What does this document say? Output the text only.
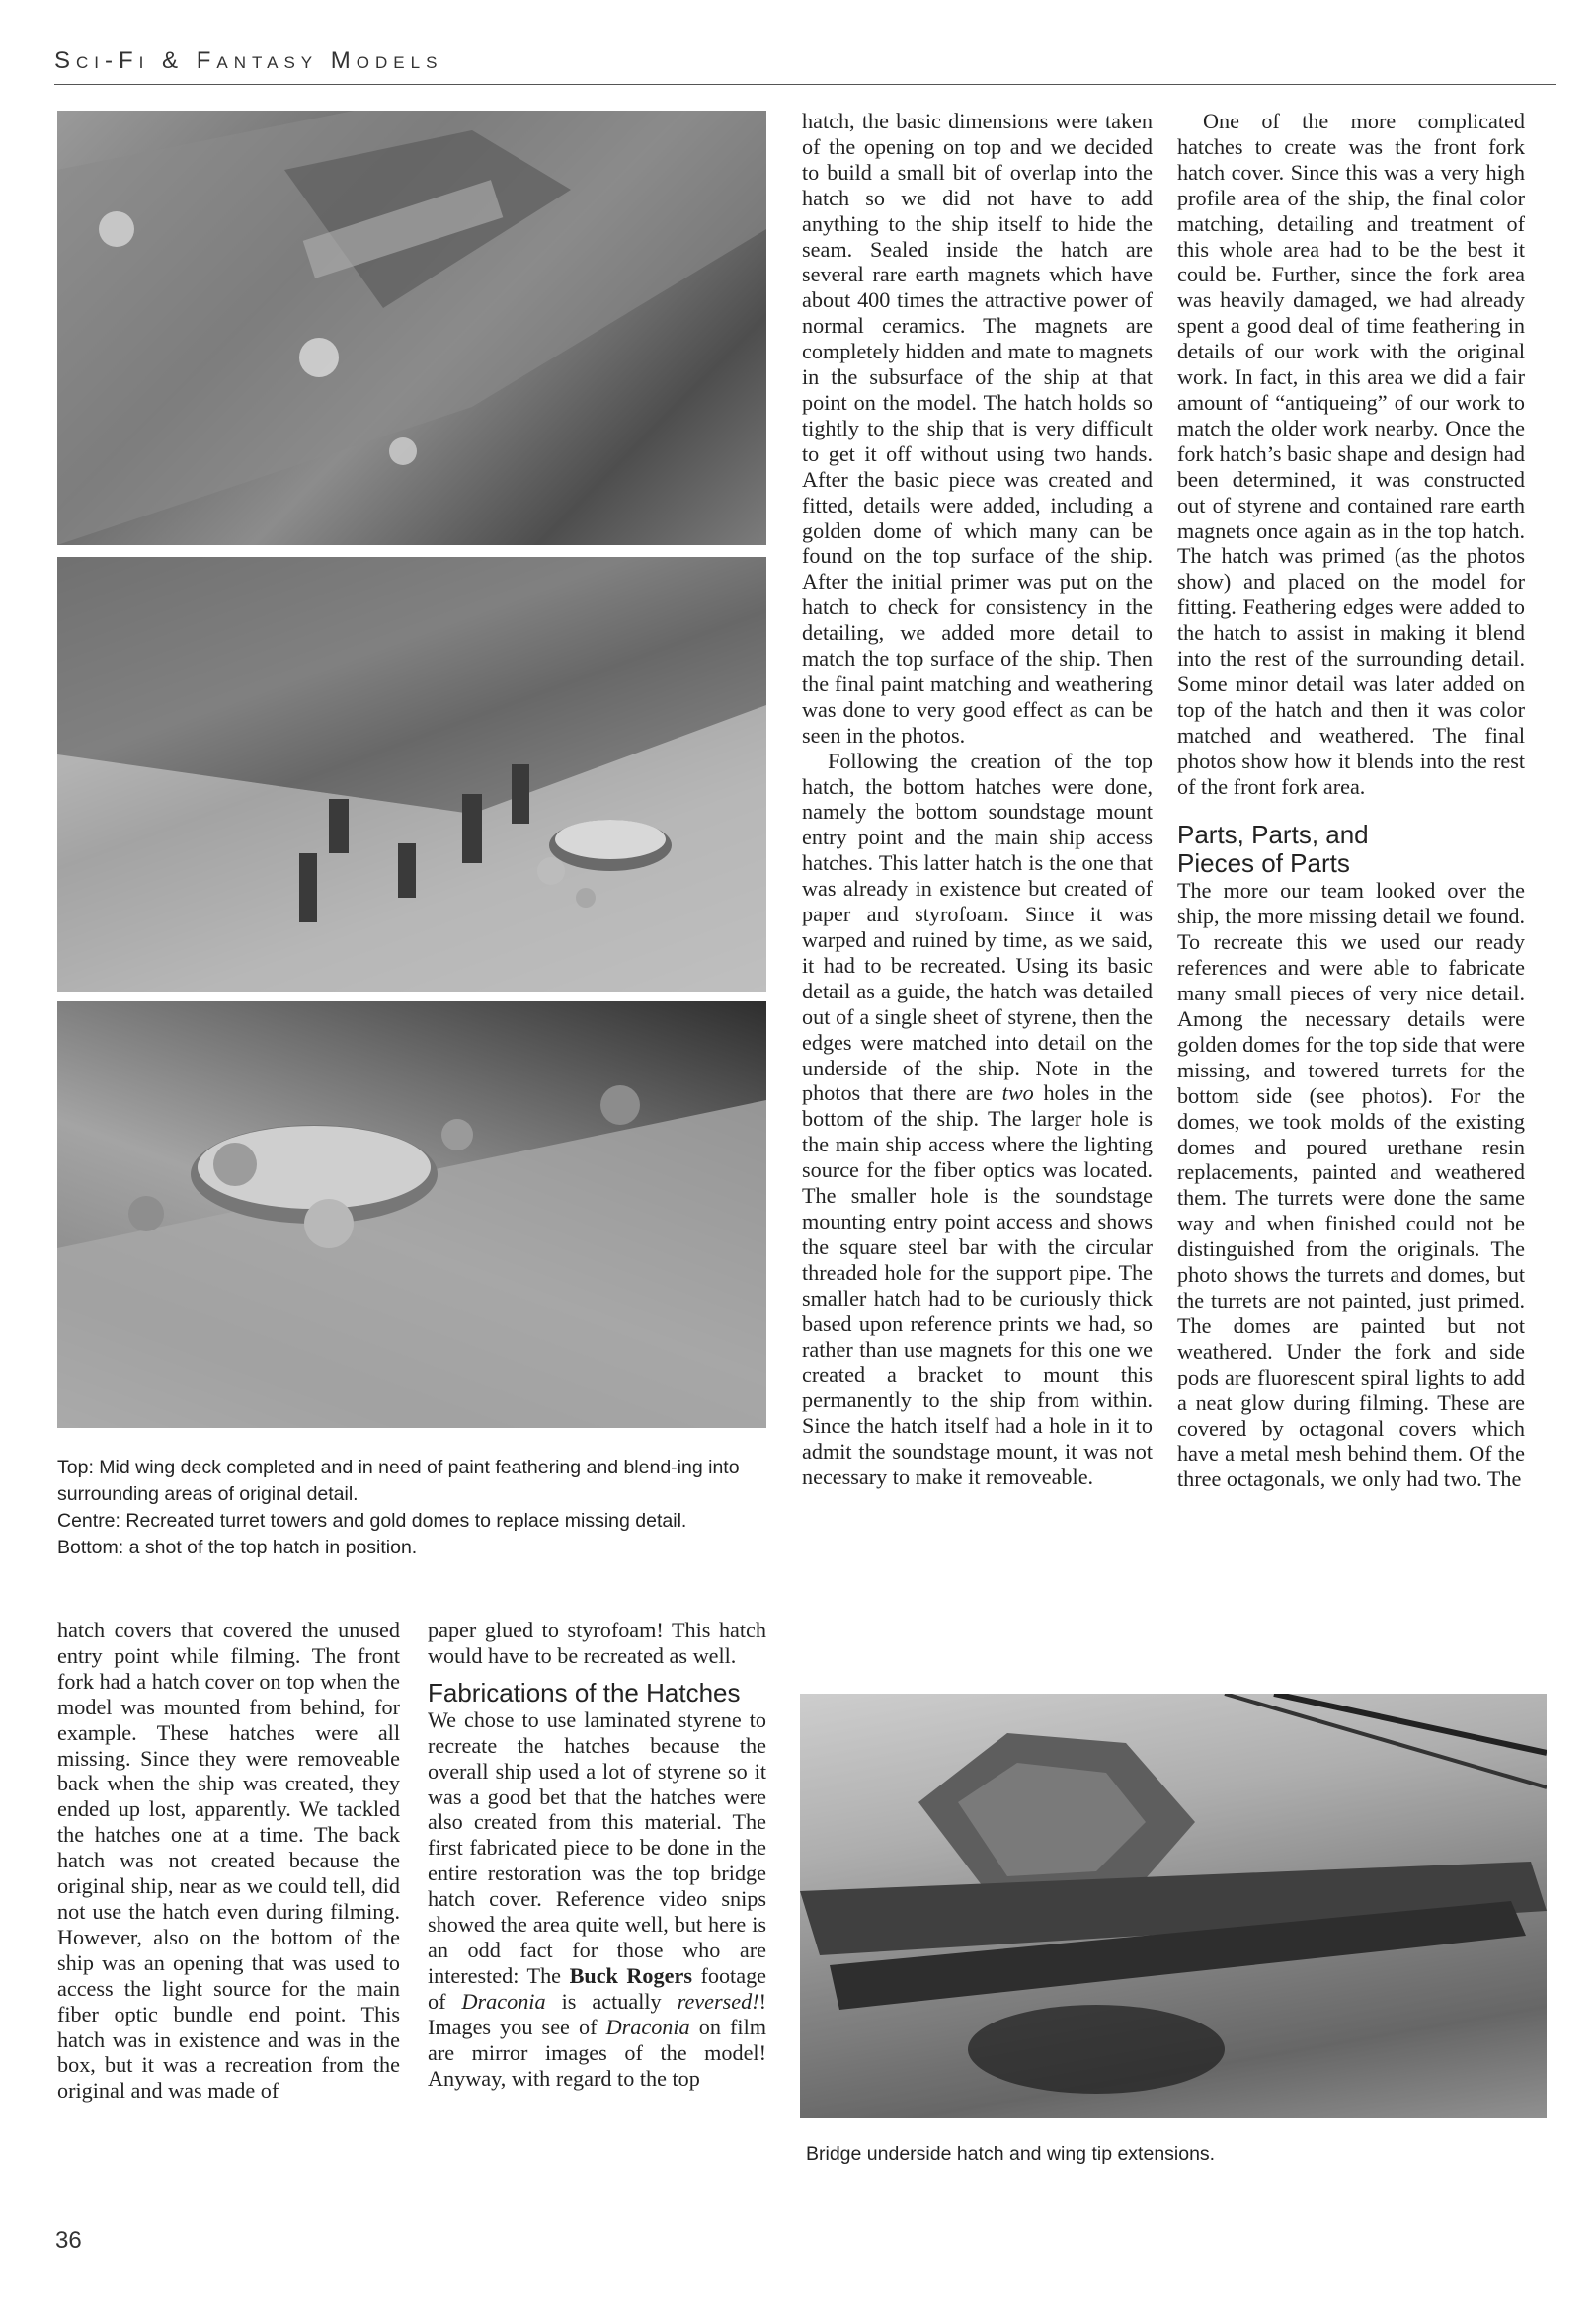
Sci-Fi & Fantasy Models
Top: Mid wing deck completed and in need of paint feathering and blend-ing into surrounding areas of original detail.
Centre: Recreated turret towers and gold domes to replace missing detail.
Bottom: a shot of the top hatch in position.

hatch covers that covered the unused entry point while filming. The front fork had a hatch cover on top when the model was mounted from behind, for example. These hatches were all missing. Since they were removeable back when the ship was created, they ended up lost, apparently. We tackled the hatches one at a time. The back hatch was not created because the original ship, near as we could tell, did not use the hatch even during filming. However, also on the bottom of the ship was an opening that was used to access the light source for the main fiber optic bundle end point. This hatch was in existence and was in the box, but it was a recreation from the original and was made of

paper glued to styrofoam! This hatch would have to be recreated as well.

Fabrications of the Hatches

We chose to use laminated styrene to recreate the hatches because the overall ship used a lot of styrene so it was a good bet that the hatches were also created from this material. The first fabricated piece to be done in the entire restoration was the top bridge hatch cover. Reference video snips showed the area quite well, but here is an odd fact for those who are interested: The Buck Rogers footage of Draconia is actually reversed!! Images you see of Draconia on film are mirror images of the model! Anyway, with regard to the top

hatch, the basic dimensions were taken of the opening on top and we decided to build a small bit of overlap into the hatch so we did not have to add anything to the ship itself to hide the seam. Sealed inside the hatch are several rare earth magnets which have about 400 times the attractive power of normal ceramics. The magnets are completely hidden and mate to magnets in the subsurface of the ship at that point on the model. The hatch holds so tightly to the ship that is very difficult to get it off without using two hands. After the basic piece was created and fitted, details were added, including a golden dome of which many can be found on the top surface of the ship. After the initial primer was put on the hatch to check for consistency in the detailing, we added more detail to match the top surface of the ship. Then the final paint matching and weathering was done to very good effect as can be seen in the photos.

Following the creation of the top hatch, the bottom hatches were done, namely the bottom soundstage mount entry point and the main ship access hatches. This latter hatch is the one that was already in existence but created of paper and styrofoam. Since it was warped and ruined by time, as we said, it had to be recreated. Using its basic detail as a guide, the hatch was detailed out of a single sheet of styrene, then the edges were matched into detail on the underside of the ship. Note in the photos that there are two holes in the bottom of the ship. The larger hole is the main ship access where the lighting source for the fiber optics was located. The smaller hole is the soundstage mounting entry point access and shows the square steel bar with the circular threaded hole for the support pipe. The smaller hatch had to be curiously thick based upon reference prints we had, so rather than use magnets for this one we created a bracket to mount this permanently to the ship from within. Since the hatch itself had a hole in it to admit the soundstage mount, it was not necessary to make it removeable.

One of the more complicated hatches to create was the front fork hatch cover. Since this was a very high profile area of the ship, the final color matching, detailing and treatment of this whole area had to be the best it could be. Further, since the fork area was heavily damaged, we had already spent a good deal of time feathering in details of our work with the original work. In fact, in this area we did a fair amount of “antiqueing” of our work to match the older work nearby. Once the fork hatch’s basic shape and design had been determined, it was constructed out of styrene and contained rare earth magnets once again as in the top hatch. The hatch was primed (as the photos show) and placed on the model for fitting. Feathering edges were added to the hatch to assist in making it blend into the rest of the surrounding detail. Some minor detail was later added on top of the hatch and then it was color matched and weathered. The final photos show how it blends into the rest of the front fork area.

Parts, Parts, and
Pieces of Parts

The more our team looked over the ship, the more missing detail we found. To recreate this we used our ready references and were able to fabricate many small pieces of very nice detail. Among the necessary details were golden domes for the top side that were missing, and towered turrets for the bottom side (see photos). For the domes, we took molds of the existing domes and poured urethane resin replacements, painted and weathered them. The turrets were done the same way and when finished could not be distinguished from the originals. The photo shows the turrets and domes, but the turrets are not painted, just primed. The domes are painted but not weathered. Under the fork and side pods are fluorescent spiral lights to add a neat glow during filming. These are covered by octagonal covers which have a metal mesh behind them. Of the three octagonals, we only had two. The

Bridge underside hatch and wing tip extensions.
36
